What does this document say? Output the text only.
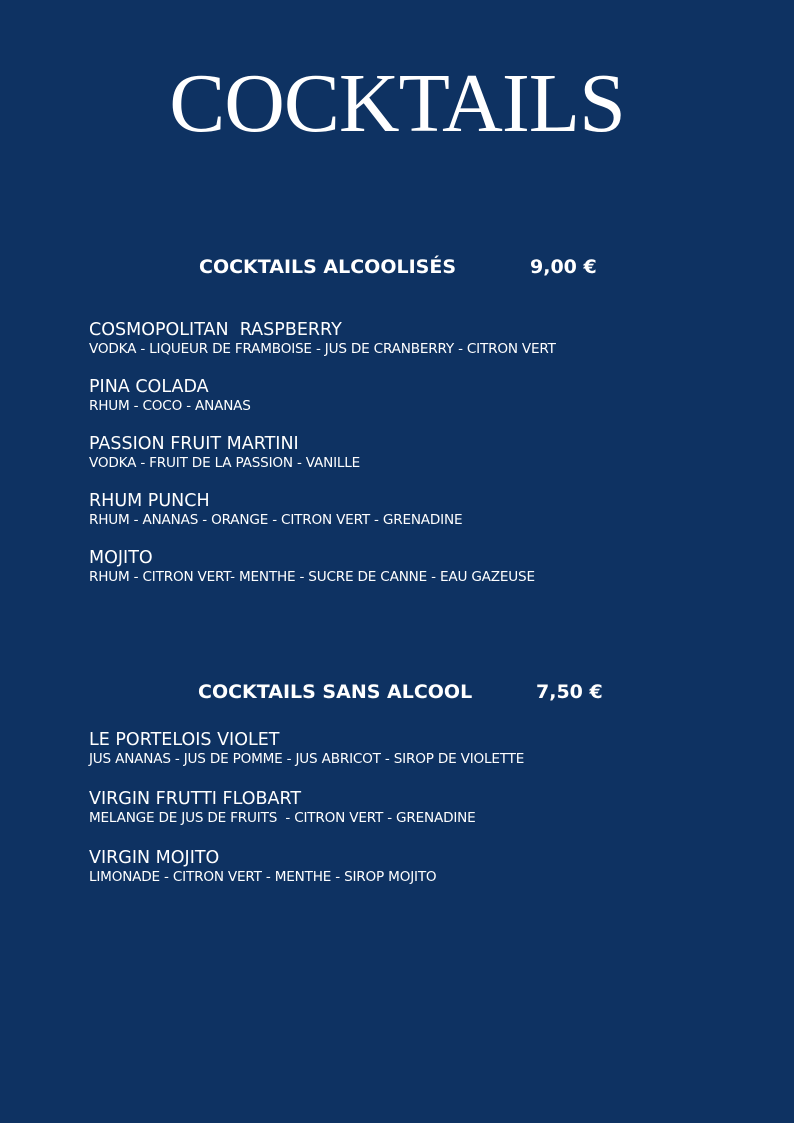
COCKTAILS
COCKTAILS ALCOOLISÉS	9,00 €
COSMOPOLITAN  RASPBERRY
VODKA - LIQUEUR DE FRAMBOISE - JUS DE CRANBERRY - CITRON VERT
PINA COLADA
RHUM - COCO - ANANAS
PASSION FRUIT MARTINI
VODKA - FRUIT DE LA PASSION - VANILLE
RHUM PUNCH
RHUM - ANANAS - ORANGE - CITRON VERT - GRENADINE
MOJITO
RHUM - CITRON VERT- MENTHE - SUCRE DE CANNE - EAU GAZEUSE
COCKTAILS SANS ALCOOL	7,50 €
LE PORTELOIS VIOLET
JUS ANANAS - JUS DE POMME - JUS ABRICOT - SIROP DE VIOLETTE
VIRGIN FRUTTI FLOBART
MELANGE DE JUS DE FRUITS  - CITRON VERT - GRENADINE
VIRGIN MOJITO
LIMONADE - CITRON VERT - MENTHE - SIROP MOJITO
